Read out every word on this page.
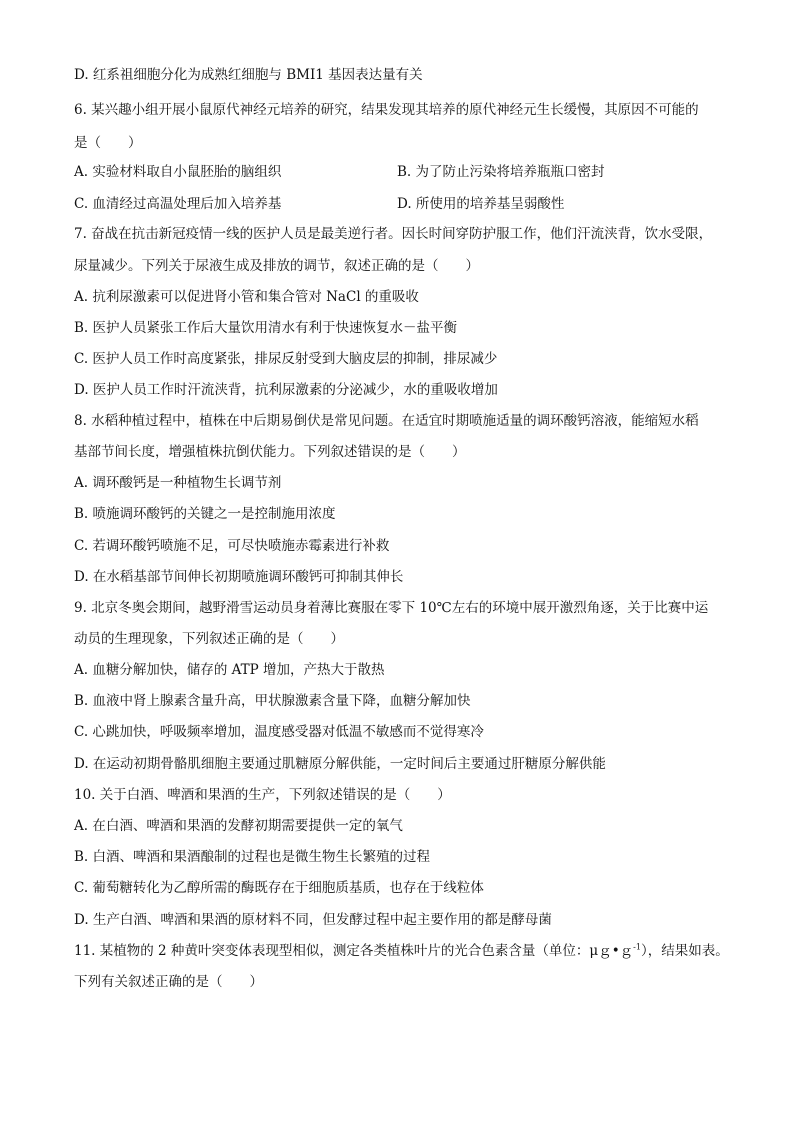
D. 红系祖细胞分化为成熟红细胞与 BMI1 基因表达量有关
6. 某兴趣小组开展小鼠原代神经元培养的研究，结果发现其培养的原代神经元生长缓慢，其原因不可能的
是（　　）
A. 实验材料取自小鼠胚胎的脑组织	B. 为了防止污染将培养瓶瓶口密封
C. 血清经过高温处理后加入培养基	D. 所使用的培养基呈弱酸性
7. 奋战在抗击新冠疫情一线的医护人员是最美逆行者。因长时间穿防护服工作，他们汗流浃背，饮水受限，
尿量减少。下列关于尿液生成及排放的调节，叙述正确的是（　　）
A. 抗利尿激素可以促进肾小管和集合管对 NaCl 的重吸收
B. 医护人员紧张工作后大量饮用清水有利于快速恢复水－盐平衡
C. 医护人员工作时高度紧张，排尿反射受到大脑皮层的抑制，排尿减少
D. 医护人员工作时汗流浃背，抗利尿激素的分泌减少，水的重吸收增加
8. 水稻种植过程中，植株在中后期易倒伏是常见问题。在适宜时期喷施适量的调环酸钙溶液，能缩短水稻
基部节间长度，增强植株抗倒伏能力。下列叙述错误的是（　　）
A. 调环酸钙是一种植物生长调节剂
B. 喷施调环酸钙的关键之一是控制施用浓度
C. 若调环酸钙喷施不足，可尽快喷施赤霉素进行补救
D. 在水稻基部节间伸长初期喷施调环酸钙可抑制其伸长
9. 北京冬奥会期间，越野滑雪运动员身着薄比赛服在零下 10℃左右的环境中展开激烈角逐，关于比赛中运
动员的生理现象，下列叙述正确的是（　　）
A. 血糖分解加快，储存的 ATP 增加，产热大于散热
B. 血液中肾上腺素含量升高，甲状腺激素含量下降，血糖分解加快
C. 心跳加快，呼吸频率增加，温度感受器对低温不敏感而不觉得寒冷
D. 在运动初期骨骼肌细胞主要通过肌糖原分解供能，一定时间后主要通过肝糖原分解供能
10. 关于白酒、啤酒和果酒的生产，下列叙述错误的是（　　）
A. 在白酒、啤酒和果酒的发酵初期需要提供一定的氧气
B. 白酒、啤酒和果酒酿制的过程也是微生物生长繁殖的过程
C. 葡萄糖转化为乙醇所需的酶既存在于细胞质基质，也存在于线粒体
D. 生产白酒、啤酒和果酒的原材料不同，但发酵过程中起主要作用的都是酵母菌
11. 某植物的 2 种黄叶突变体表现型相似，测定各类植株叶片的光合色素含量（单位：μｇ•ｇ$^{-1}$），结果如表。
下列有关叙述正确的是（　　）
